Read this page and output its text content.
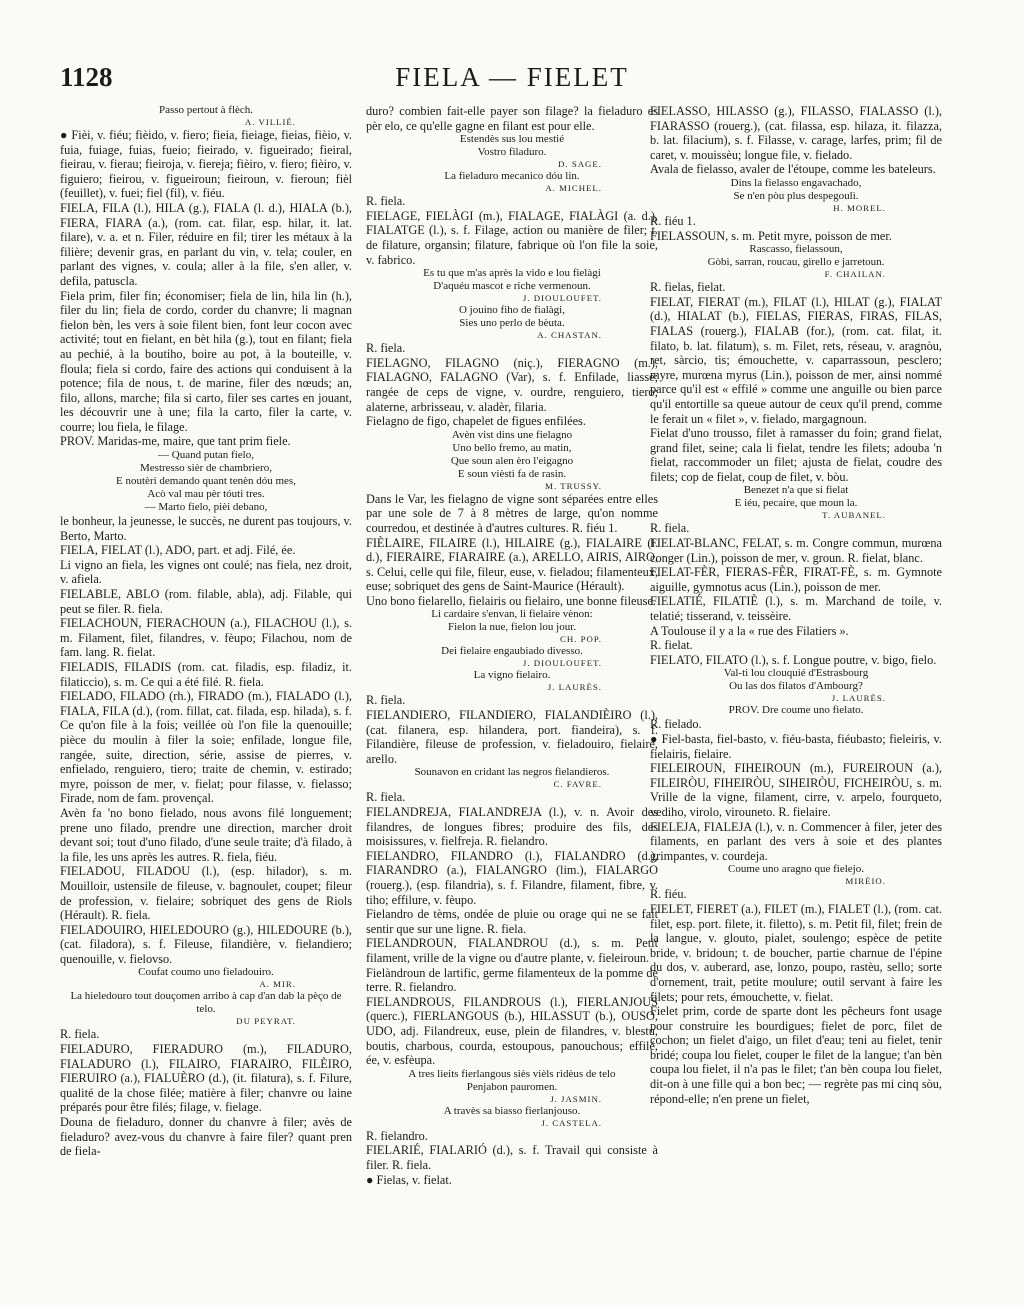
1128	FIELA — FIELET

Passo pertout à flèch.

A. VILLIÉ.

● Fièi, v. fiéu; fièido, v. fiero; fieia, fieiage, fieias, fièio, v. fuia, fuiage, fuias, fueio; fieirado, v. figueirado; fieiral, fieirau, v. fierau; fieiroja, v. fiereja; fièiro, v. fiero; fièiro, v. figuiero; fieirou, v. figueiroun; fieiroun, v. fieroun; fièl (feuillet), v. fuei; fiel (fil), v. fiéu.

FIELA, FILA (l.), HILA (g.), FIALA (l. d.), HIALA (b.), FIERA, FIARA (a.), (rom. cat. filar, esp. hilar, it. lat. filare), v. a. et n. Filer, réduire en fil; tirer les métaux à la filière; devenir gras, en parlant du vin, v. tela; couler, en parlant des vignes, v. coula; aller à la file, s'en aller, v. defila, patuscla.

Fiela prim, filer fin; économiser; fiela de lin, hila lin (h.), filer du lin; fiela de cordo, corder du chanvre; li magnan fielon bèn, les vers à soie filent bien, font leur cocon avec activité; tout en fielant, en bèt hila (g.), tout en filant; fiela au pechié, à la boutiho, boire au pot, à la bouteille, v. floula; fiela si cordo, faire des actions qui conduisent à la potence; fila de nous, t. de marine, filer des nœuds; an, filo, allons, marche; fila si carto, filer ses cartes en jouant, les découvrir une à une; fila la carto, filer la carte, v. courre; lou fiela, le filage.

PROV. Maridas-me, maire, que tant prim fiele.

— Quand putan fielo,

Mestresso sièr de chambriero,

E noutèri demando quant tenèn dóu mes,

Acò val mau pèr tóuti tres.

— Marto fielo, pièi debano,

le bonheur, la jeunesse, le succès, ne durent pas toujours, v. Berto, Marto.

FIELA, FIELAT (l.), ADO, part. et adj. Filé, ée.

Li vigno an fiela, les vignes ont coulé; nas fiela, nez droit, v. afiela.

FIELABLE, ABLO (rom. filable, abla), adj. Filable, qui peut se filer. R. fiela.

FIELACHOUN, FIERACHOUN (a.), FILACHOU (l.), s. m. Filament, filet, filandres, v. fèupo; Filachou, nom de fam. lang. R. fielat.

FIELADIS, FILADIS (rom. cat. filadis, esp. filadiz, it. filaticcio), s. m. Ce qui a été filé. R. fiela.

FIELADO, FILADO (rh.), FIRADO (m.), FIALADO (l.), FIALA, FILA (d.), (rom. fillat, cat. filada, esp. hilada), s. f. Ce qu'on file à la fois; veillée où l'on file la quenouille; pièce du moulin à filer la soie; enfilade, longue file, rangée, suite, direction, série, assise de pierres, v. enfielado, renguiero, tiero; traite de chemin, v. estirado; myre, poisson de mer, v. fielat; pour filasse, v. fielasso; Firade, nom de fam. provençal.

Avèn fa 'no bono fielado, nous avons filé longuement; prene uno filado, prendre une direction, marcher droit devant soi; tout d'uno filado, d'une seule traite; d'à filado, à la file, les uns après les autres. R. fiela, fiéu.

FIELADOU, FILADOU (l.), (esp. hilador), s. m. Mouilloir, ustensile de fileuse, v. bagnoulet, coupet; fileur de profession, v. fielaire; sobriquet des gens de Riols (Hérault). R. fiela.

FIELADOUIRO, HIELEDOURO (g.), HILEDOURE (b.), (cat. filadora), s. f. Fileuse, filandière, v. fielandiero; quenouille, v. fielovso.

Coufat coumo uno fieladouiro.

A. MIR.

La hieledouro tout douçomen arribo à cap d'an dab la pèço de telo.

DU PEYRAT.

R. fiela.

FIELADURO, FIERADURO (m.), FILADURO, FIALADURO (l.), FILAIRO, FIARAIRO, FILÈIRO, FIERUIRO (a.), FIALUÈRO (d.), (it. filatura), s. f. Filure, qualité de la chose filée; matière à filer; chanvre ou laine préparés pour être filés; filage, v. fielage.

Douna de fieladuro, donner du chanvre à filer; avès de fieladuro? avez-vous du chanvre à faire filer? quant pren de fiela-

duro? combien fait-elle payer son filage? la fieladuro es pèr elo, ce qu'elle gagne en filant est pour elle.

Estendès sus lou mestié

Vostro filaduro.

D. SAGE.

La fieladuro mecanico dóu lin.

A. MICHEL.

R. fiela.

FIELAGE, FIELÀGI (m.), FIALAGE, FIALÀGI (a. d.), FIALATGE (l.), s. f. Filage, action ou manière de filer; t. de filature, organsin; filature, fabrique où l'on file la soie, v. fabrico.

Es tu que m'as après la vido e lou fielàgi

D'aquéu mascot e riche vermenoun.

J. DIOULOUFET.

O jouino fiho de fialàgi,

Sies uno perlo de bèuta.

A. CHASTAN.

R. fiela.

FIELAGNO, FILAGNO (niç.), FIERAGNO (m.), FIALAGNO, FALAGNO (Var), s. f. Enfilade, liasse; rangée de ceps de vigne, v. ourdre, renguiero, tiero; alaterne, arbrisseau, v. aladèr, filaria.

Fielagno de figo, chapelet de figues enfilées.

Avèn vist dins une fielagno

Uno bello fremo, au matin,

Que soun alen èro l'eigagno

E soun vièstì fa de rasin.

M. TRUSSY.

Dans le Var, les fielagno de vigne sont séparées entre elles par une sole de 7 à 8 mètres de large, qu'on nomme courredou, et destinée à d'autres cultures. R. fiéu 1.

FIÈLAIRE, FILAIRE (l.), HILAIRE (g.), FIALAIRE (l. d.), FIERAIRE, FIARAIRE (a.), ARELLO, AIRIS, AIRO, s. Celui, celle qui file, fileur, euse, v. fieladou; filamenteux, euse; sobriquet des gens de Saint-Maurice (Hérault).

Uno bono fielarello, fielairis ou fielairo, une bonne fileuse.

Li cardaire s'envan, li fielaire vènon:

Fielon la nue, fielon lou jour.

CH. POP.

Dei fielaire engaubiado divesso.

J. DIOULOUFET.

La vigno fielairo.

J. LAURÈS.

R. fiela.

FIELANDIERO, FILANDIERO, FIALANDIÈIRO (l.), (cat. filanera, esp. hilandera, port. fiandeira), s. f. Filandière, fileuse de profession, v. fieladouiro, fielaire, arello.

Sounavon en cridant las negros fielandieros.

C. FAVRE.

R. fiela.

FIELANDREJA, FIALANDREJA (l.), v. n. Avoir des filandres, de longues fibres; produire des fils, des moisissures, v. fielfreja. R. fielandro.

FIELANDRO, FILANDRO (l.), FIALANDRO (d.), FIARANDRO (a.), FIALANGRO (lim.), FIALARGO (rouerg.), (esp. filandria), s. f. Filandre, filament, fibre, v. tiho; effilure, v. fèupo.

Fielandro de tèms, ondée de pluie ou orage qui ne se fait sentir que sur une ligne. R. fiela.

FIELANDROUN, FIALANDROU (d.), s. m. Petit filament, vrille de la vigne ou d'autre plante, v. fieleiroun.

Fielàndroun de lartific, germe filamenteux de la pomme de terre. R. fielandro.

FIELANDROUS, FILANDROUS (l.), FIERLANJOUS (querc.), FIERLANGOUS (b.), HILASSUT (b.), OUSO, UDO, adj. Filandreux, euse, plein de filandres, v. blestu, boutis, charbous, courda, estoupous, panouchous; effilé, ée, v. esfèupa.

A tres lieits fierlangous siès vièls ridèus de telo

Penjabon pauromen.

J. JASMIN.

A travès sa biasso fierlanjouso.

J. CASTELA.

R. fielandro.

FIELARIÉ, FIALARIÓ (d.), s. f. Travail qui consiste à filer. R. fiela.

● Fielas, v. fielat.

FIELASSO, HILASSO (g.), FILASSO, FIALASSO (l.), FIARASSO (rouerg.), (cat. filassa, esp. hilaza, it. filazza, b. lat. filacium), s. f. Filasse, v. carage, larfes, prim; fil de caret, v. mouissèu; longue file, v. fielado.

Avala de fielasso, avaler de l'étoupe, comme les bateleurs.

Dins la fielasso engavachado,

Se n'en pòu plus despegoulì.

H. MOREL.

R. fiéu 1.

FIELASSOUN, s. m. Petit myre, poisson de mer.

Rascasso, fielassoun,

Gòbi, sarran, roucau, girello e jarretoun.

F. CHAILAN.

R. fielas, fielat.

FIELAT, FIERAT (m.), FILAT (l.), HILAT (g.), FIALAT (d.), HIALAT (b.), FIELAS, FIERAS, FIRAS, FILAS, FIALAS (rouerg.), FIALAB (for.), (rom. cat. filat, it. filato, b. lat. filatum), s. m. Filet, rets, réseau, v. aragnòu, ret, sàrcio, tis; émouchette, v. caparrassoun, pesclero; myre, murœna myrus (Lin.), poisson de mer, ainsi nommé parce qu'il est « effilé » comme une anguille ou bien parce qu'il entortille sa queue autour de ceux qu'il prend, comme le ferait un « filet », v. fielado, margagnoun.

Fielat d'uno trousso, filet à ramasser du foin; grand fielat, grand filet, seine; cala li fielat, tendre les filets; adouba 'n fielat, raccommoder un filet; ajusta de fielat, coudre des filets; cop de fielat, coup de filet, v. bòu.

Benezet n'a que si fielat

E iéu, pecaire, que moun la.

T. AUBANEL.

R. fiela.

FIELAT-BLANC, FELAT, s. m. Congre commun, murœna conger (Lin.), poisson de mer, v. groun. R. fielat, blanc.

FIELAT-FÈR, FIERAS-FÈR, FIRAT-FÈ, s. m. Gymnote aiguille, gymnotus acus (Lin.), poisson de mer.

FIELATIÉ, FILATIÈ (l.), s. m. Marchand de toile, v. telatié; tisserand, v. teissèire.

A Toulouse il y a la « rue des Filatiers ».

R. fielat.

FIELATO, FILATO (l.), s. f. Longue poutre, v. bigo, fielo.

Val-ti lou clouquié d'Estrasbourg

Ou las dos filatos d'Ambourg?

J. LAURÈS.

PROV. Dre coume uno fielato.

R. fielado.

● Fiel-basta, fiel-basto, v. fiéu-basta, fiéubasto; fieleiris, v. fielairis, fielaire.

FIELEIROUN, FIHEIROUN (m.), FUREIROUN (a.), FILEIRÒU, FIHEIRÒU, SIHEIRÒU, FICHEIRÒU, s. m. Vrille de la vigne, filament, cirre, v. arpelo, fourqueto, vediho, virolo, virouneto. R. fielaire.

FIELEJA, FIALEJA (l.), v. n. Commencer à filer, jeter des filaments, en parlant des vers à soie et des plantes grimpantes, v. courdeja.

Coume uno aragno que fielejo.

MIRÈIO.

R. fiéu.

FIELET, FIERET (a.), FILET (m.), FIALET (l.), (rom. cat. filet, esp. port. filete, it. filetto), s. m. Petit fil, filet; frein de la langue, v. glouto, pialet, soulengo; espèce de petite bride, v. bridoun; t. de boucher, partie charnue de l'épine du dos, v. auberard, ase, lonzo, poupo, rastèu, sello; sorte d'ornement, trait, petite moulure; outil servant à faire les filets; pour rets, émouchette, v. fielat.

Fielet prim, corde de sparte dont les pêcheurs font usage pour construire les bourdigues; fielet de porc, filet de cochon; un fielet d'aigo, un filet d'eau; teni au fielet, tenir bridé; coupa lou fielet, couper le filet de la langue; t'an bèn coupa lou fielet, il n'a pas le filet; t'an bèn coupa lou fielet, dit-on à une fille qui a bon bec; — regrète pas mi cinq sòu, répond-elle; n'en prene un fielet,
